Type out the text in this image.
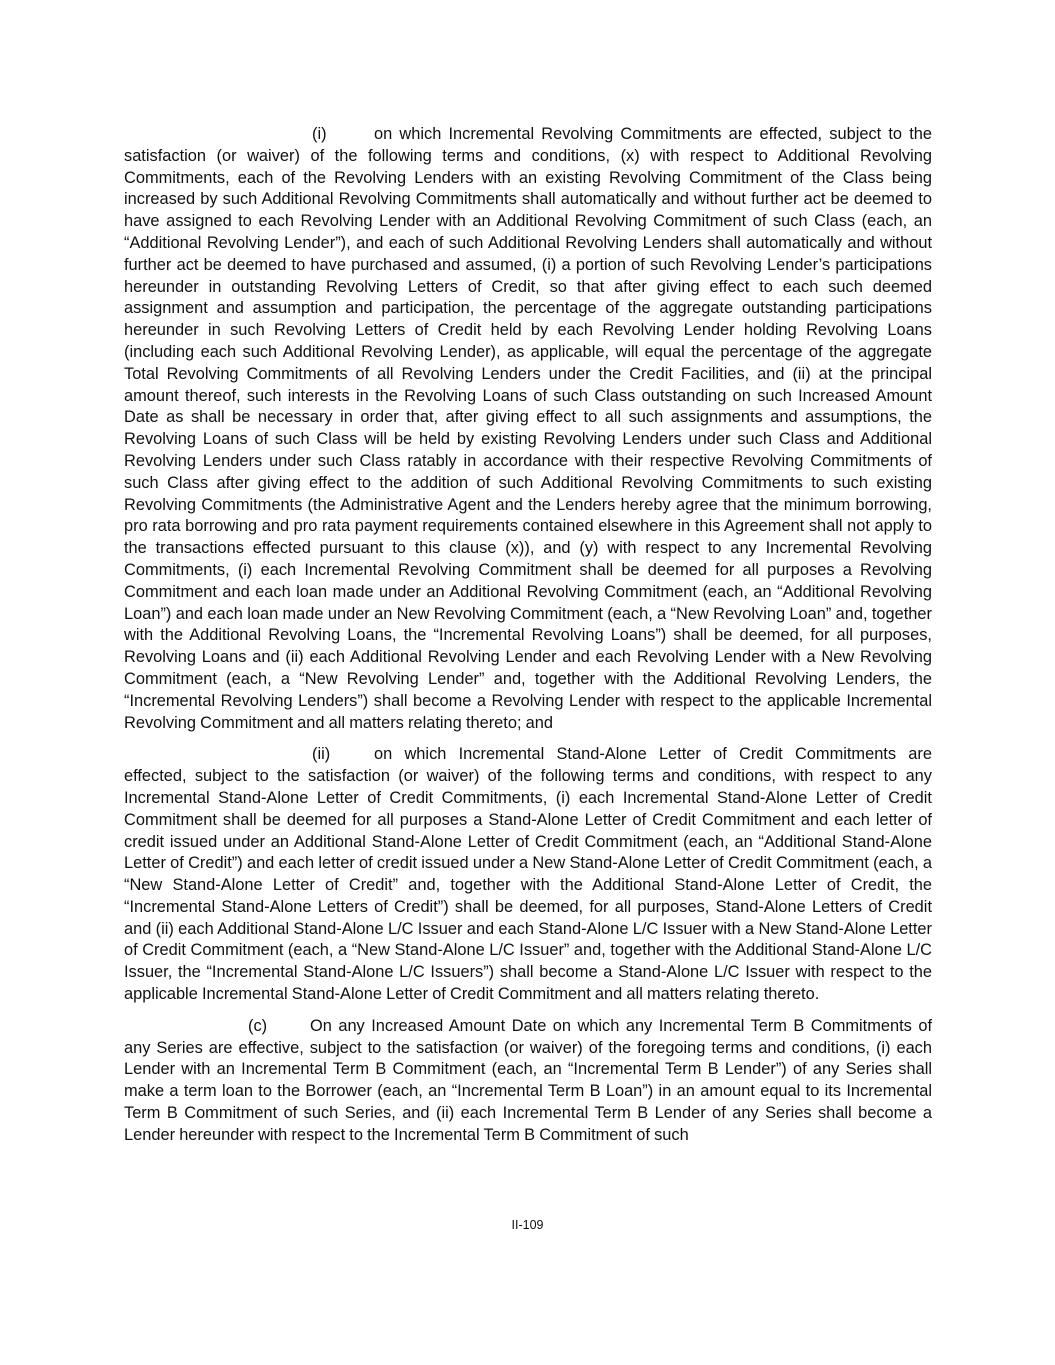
(i)	on which Incremental Revolving Commitments are effected, subject to the satisfaction (or waiver) of the following terms and conditions, (x) with respect to Additional Revolving Commitments, each of the Revolving Lenders with an existing Revolving Commitment of the Class being increased by such Additional Revolving Commitments shall automatically and without further act be deemed to have assigned to each Revolving Lender with an Additional Revolving Commitment of such Class (each, an “Additional Revolving Lender”), and each of such Additional Revolving Lenders shall automatically and without further act be deemed to have purchased and assumed, (i) a portion of such Revolving Lender’s participations hereunder in outstanding Revolving Letters of Credit, so that after giving effect to each such deemed assignment and assumption and participation, the percentage of the aggregate outstanding participations hereunder in such Revolving Letters of Credit held by each Revolving Lender holding Revolving Loans (including each such Additional Revolving Lender), as applicable, will equal the percentage of the aggregate Total Revolving Commitments of all Revolving Lenders under the Credit Facilities, and (ii) at the principal amount thereof, such interests in the Revolving Loans of such Class outstanding on such Increased Amount Date as shall be necessary in order that, after giving effect to all such assignments and assumptions, the Revolving Loans of such Class will be held by existing Revolving Lenders under such Class and Additional Revolving Lenders under such Class ratably in accordance with their respective Revolving Commitments of such Class after giving effect to the addition of such Additional Revolving Commitments to such existing Revolving Commitments (the Administrative Agent and the Lenders hereby agree that the minimum borrowing, pro rata borrowing and pro rata payment requirements contained elsewhere in this Agreement shall not apply to the transactions effected pursuant to this clause (x)), and (y) with respect to any Incremental Revolving Commitments, (i) each Incremental Revolving Commitment shall be deemed for all purposes a Revolving Commitment and each loan made under an Additional Revolving Commitment (each, an “Additional Revolving Loan”) and each loan made under an New Revolving Commitment (each, a “New Revolving Loan” and, together with the Additional Revolving Loans, the “Incremental Revolving Loans”) shall be deemed, for all purposes, Revolving Loans and (ii) each Additional Revolving Lender and each Revolving Lender with a New Revolving Commitment (each, a “New Revolving Lender” and, together with the Additional Revolving Lenders, the “Incremental Revolving Lenders”) shall become a Revolving Lender with respect to the applicable Incremental Revolving Commitment and all matters relating thereto; and

(ii)	on which Incremental Stand-Alone Letter of Credit Commitments are effected, subject to the satisfaction (or waiver) of the following terms and conditions, with respect to any Incremental Stand-Alone Letter of Credit Commitments, (i) each Incremental Stand-Alone Letter of Credit Commitment shall be deemed for all purposes a Stand-Alone Letter of Credit Commitment and each letter of credit issued under an Additional Stand-Alone Letter of Credit Commitment (each, an “Additional Stand-Alone Letter of Credit”) and each letter of credit issued under a New Stand-Alone Letter of Credit Commitment (each, a “New Stand-Alone Letter of Credit” and, together with the Additional Stand-Alone Letter of Credit, the “Incremental Stand-Alone Letters of Credit”) shall be deemed, for all purposes, Stand-Alone Letters of Credit and (ii) each Additional Stand-Alone L/C Issuer and each Stand-Alone L/C Issuer with a New Stand-Alone Letter of Credit Commitment (each, a “New Stand-Alone L/C Issuer” and, together with the Additional Stand-Alone L/C Issuer, the “Incremental Stand-Alone L/C Issuers”) shall become a Stand-Alone L/C Issuer with respect to the applicable Incremental Stand-Alone Letter of Credit Commitment and all matters relating thereto.

(c)	On any Increased Amount Date on which any Incremental Term B Commitments of any Series are effective, subject to the satisfaction (or waiver) of the foregoing terms and conditions, (i) each Lender with an Incremental Term B Commitment (each, an “Incremental Term B Lender”) of any Series shall make a term loan to the Borrower (each, an “Incremental Term B Loan”) in an amount equal to its Incremental Term B Commitment of such Series, and (ii) each Incremental Term B Lender of any Series shall become a Lender hereunder with respect to the Incremental Term B Commitment of such

II-109
